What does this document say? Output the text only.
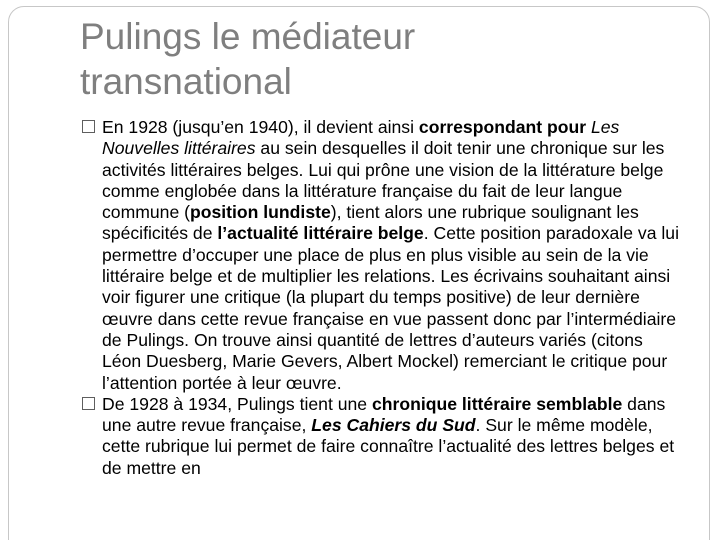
Pulings le médiateur
transnational

En 1928 (jusqu’en 1940), il devient ainsi correspondant pour Les Nouvelles littéraires au sein desquelles il doit tenir une chronique sur les activités littéraires belges. Lui qui prône une vision de la littérature belge comme englobée dans la littérature française du fait de leur langue commune (position lundiste), tient alors une rubrique soulignant les spécificités de l’actualité littéraire belge. Cette position paradoxale va lui permettre d’occuper une place de plus en plus visible au sein de la vie littéraire belge et de multiplier les relations. Les écrivains souhaitant ainsi voir figurer une critique (la plupart du temps positive) de leur dernière œuvre dans cette revue française en vue passent donc par l’intermédiaire de Pulings. On trouve ainsi quantité de lettres d’auteurs variés (citons Léon Duesberg, Marie Gevers, Albert Mockel) remerciant le critique pour l’attention portée à leur œuvre.

De 1928 à 1934, Pulings tient une chronique littéraire semblable dans une autre revue française, Les Cahiers du Sud. Sur le même modèle, cette rubrique lui permet de faire connaître l’actualité des lettres belges et de mettre en
